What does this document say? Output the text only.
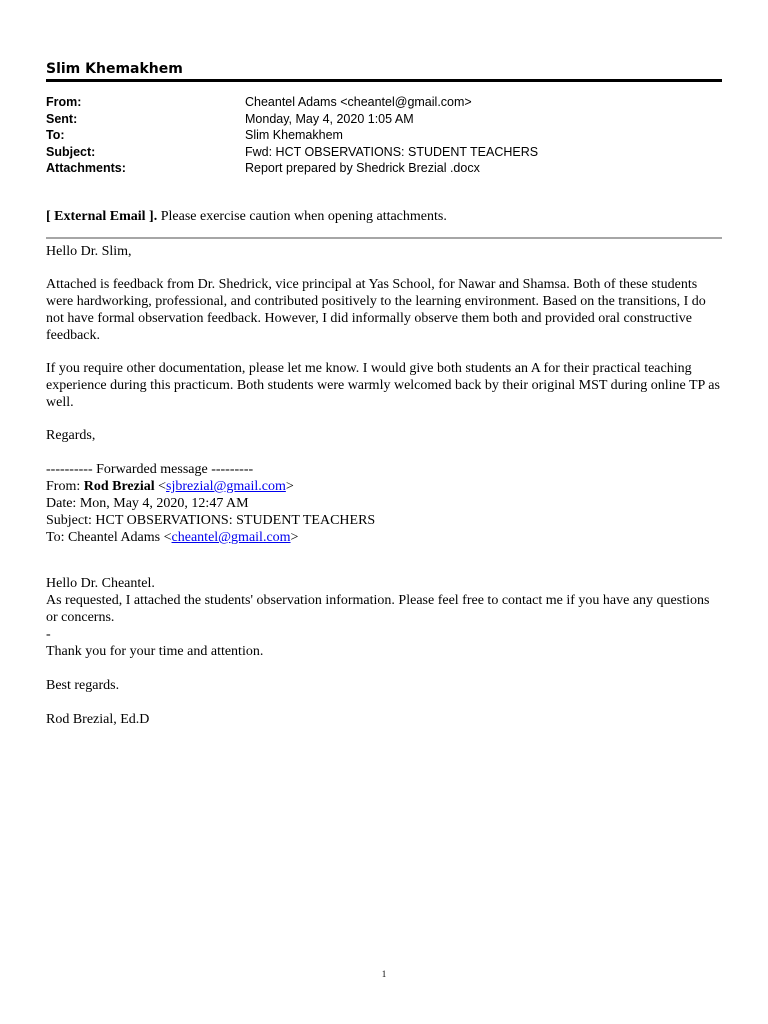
Slim Khemakhem
From:	Cheantel Adams <cheantel@gmail.com>
Sent:	Monday, May 4, 2020 1:05 AM
To:	Slim Khemakhem
Subject:	Fwd: HCT OBSERVATIONS: STUDENT TEACHERS
Attachments:	Report prepared by Shedrick Brezial .docx
[ External Email ]. Please exercise caution when opening attachments.
Hello Dr. Slim,
Attached is feedback from Dr. Shedrick, vice principal at Yas School, for Nawar and Shamsa. Both of these students were hardworking, professional, and contributed positively to the learning environment. Based on the transitions, I do not have formal observation feedback. However, I did informally observe them both and provided oral constructive feedback.
If you require other documentation, please let me know. I would give both students an A for their practical teaching experience during this practicum. Both students were warmly welcomed back by their original MST during online TP as well.
Regards,
---------- Forwarded message ---------
From: Rod Brezial <sjbrezial@gmail.com>
Date: Mon, May 4, 2020, 12:47 AM
Subject: HCT OBSERVATIONS: STUDENT TEACHERS
To: Cheantel Adams <cheantel@gmail.com>
Hello Dr. Cheantel.
As requested, I attached the students' observation information. Please feel free to contact me if you have any questions or concerns.
-
Thank you for your time and attention.
Best regards.
Rod Brezial, Ed.D
1
